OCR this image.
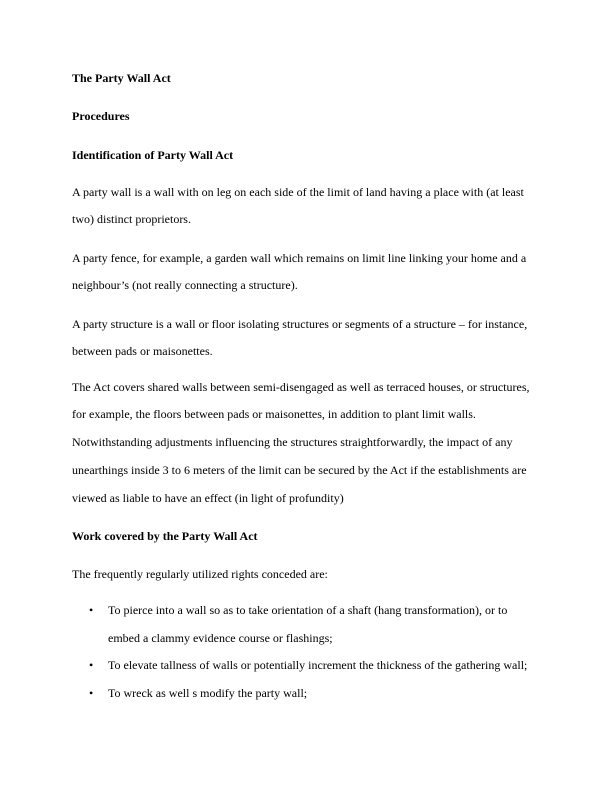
The Party Wall Act

Procedures

Identification of Party Wall Act

A party wall is a wall with on leg on each side of the limit of land having a place with (at least

two) distinct proprietors.

A party fence, for example, a garden wall which remains on limit line linking your home and a

neighbour’s (not really connecting a structure).

A party structure is a wall or floor isolating structures or segments of a structure – for instance,

between pads or maisonettes.

The Act covers shared walls between semi-disengaged as well as terraced houses, or structures,

for example, the floors between pads or maisonettes, in addition to plant limit walls.

Notwithstanding adjustments influencing the structures straightforwardly, the impact of any

unearthings inside 3 to 6 meters of the limit can be secured by the Act if the establishments are

viewed as liable to have an effect (in light of profundity)

Work covered by the Party Wall Act

The frequently regularly utilized rights conceded are:

• To pierce into a wall so as to take orientation of a shaft (hang transformation), or to

embed a clammy evidence course or flashings;

• To elevate tallness of walls or potentially increment the thickness of the gathering wall;

• To wreck as well s modify the party wall;
